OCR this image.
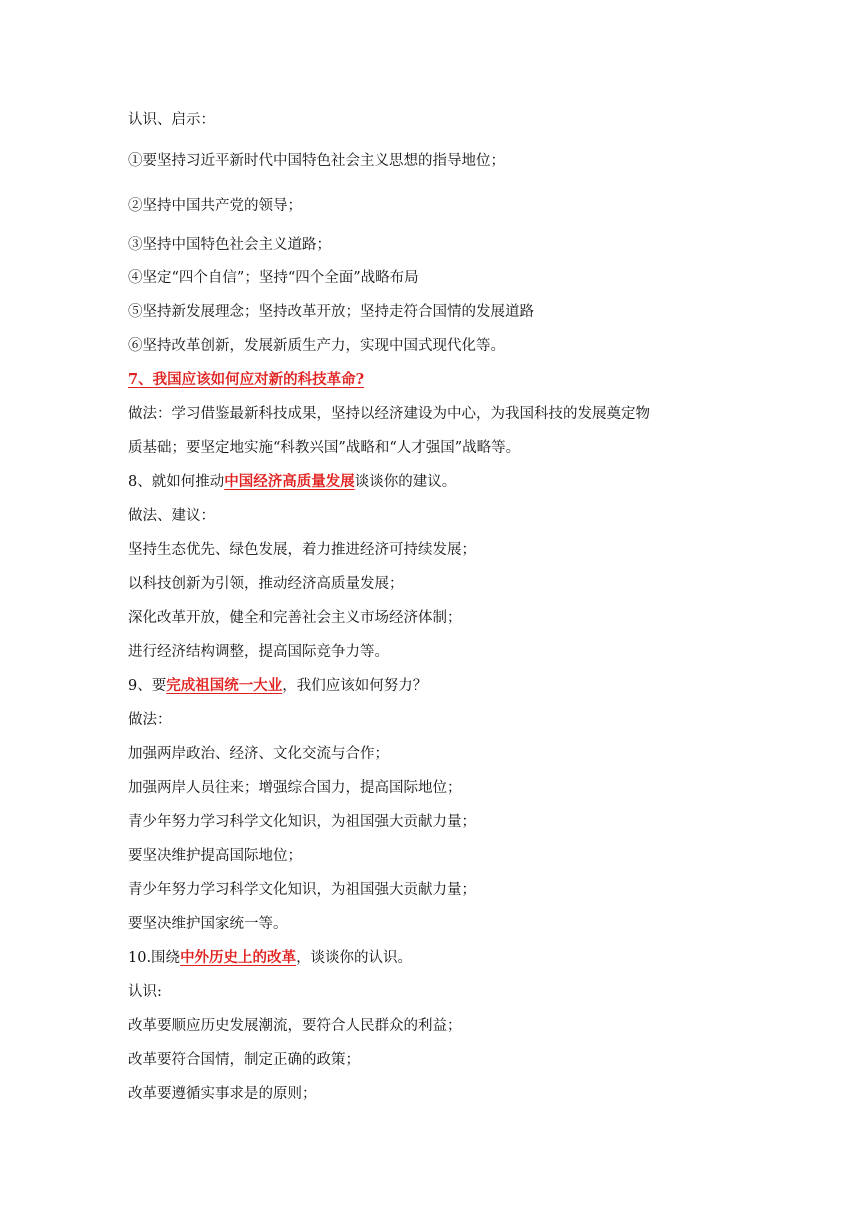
认识、启示：
①要坚持习近平新时代中国特色社会主义思想的指导地位；
②坚持中国共产党的领导；
③坚持中国特色社会主义道路；
④坚定“四个自信”；坚持“四个全面”战略布局
⑤坚持新发展理念；坚持改革开放；坚持走符合国情的发展道路
⑥坚持改革创新，发展新质生产力，实现中国式现代化等。
7、我国应该如何应对新的科技革命?
做法：学习借鉴最新科技成果，坚持以经济建设为中心，为我国科技的发展奠定物
质基础；要坚定地实施“科教兴国”战略和“人才强国”战略等。
8、就如何推动中国经济高质量发展谈谈你的建议。
做法、建议：
坚持生态优先、绿色发展，着力推进经济可持续发展；
以科技创新为引领，推动经济高质量发展；
深化改革开放，健全和完善社会主义市场经济体制；
进行经济结构调整，提高国际竞争力等。
9、要完成祖国统一大业，我们应该如何努力？
做法：
加强两岸政治、经济、文化交流与合作；
加强两岸人员往来；增强综合国力，提高国际地位；
青少年努力学习科学文化知识，为祖国强大贡献力量；
要坚决维护提高国际地位；
青少年努力学习科学文化知识，为祖国强大贡献力量；
要坚决维护国家统一等。
10.围绕中外历史上的改革，谈谈你的认识。
认识:
改革要顺应历史发展潮流，要符合人民群众的利益；
改革要符合国情，制定正确的政策；
改革要遵循实事求是的原则；
